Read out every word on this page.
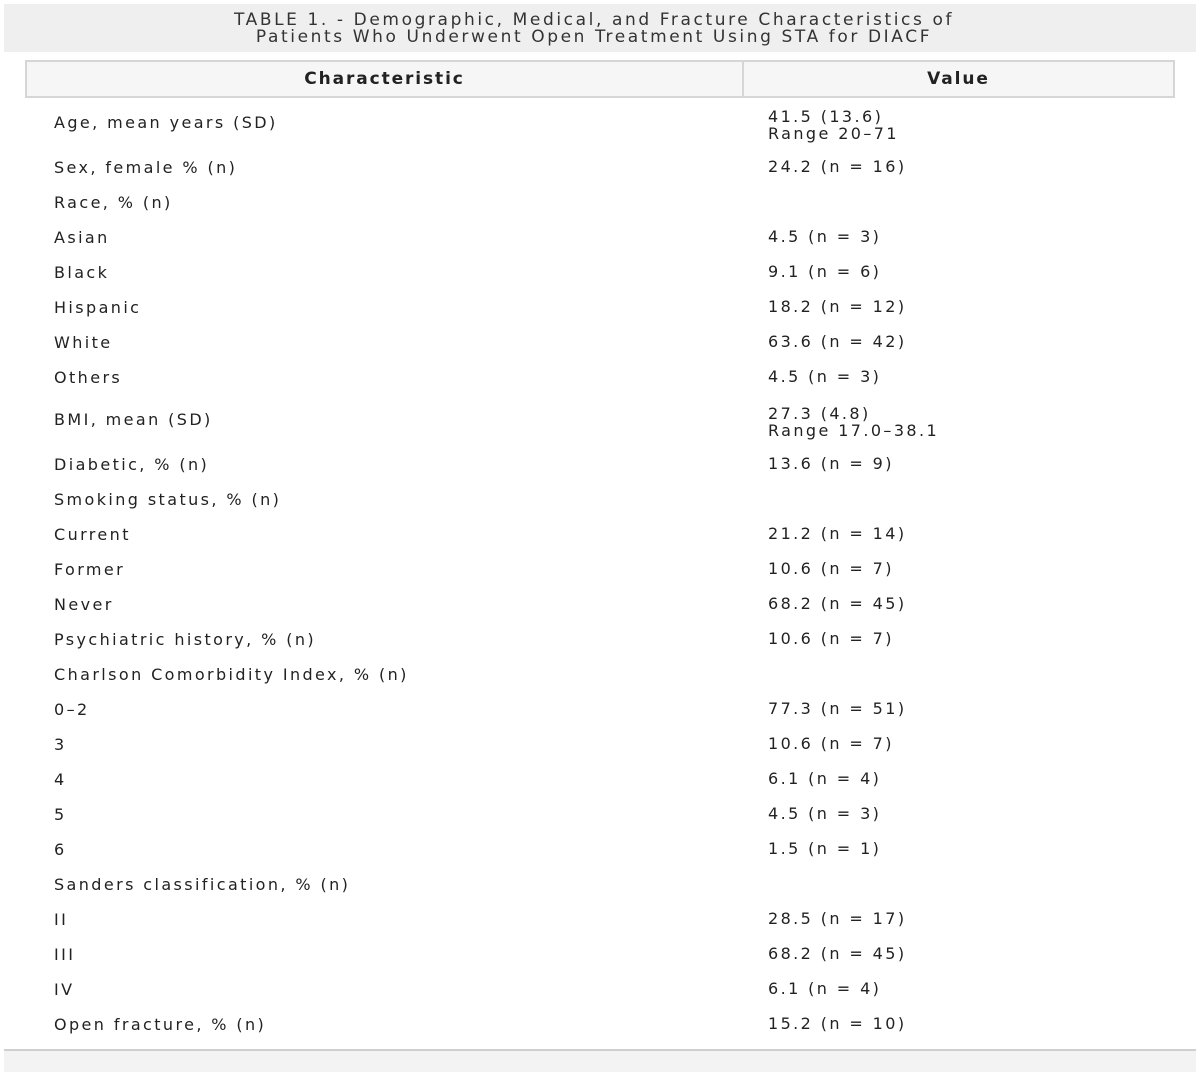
TABLE 1. - Demographic, Medical, and Fracture Characteristics of
Patients Who Underwent Open Treatment Using STA for DIACF
Characteristic	Value
Age, mean years (SD)	41.5 (13.6)
Range 20–71
Sex, female % (n)	24.2 (n = 16)
Race, % (n)
Asian	4.5 (n = 3)
Black	9.1 (n = 6)
Hispanic	18.2 (n = 12)
White	63.6 (n = 42)
Others	4.5 (n = 3)
BMI, mean (SD)	27.3 (4.8)
Range 17.0–38.1
Diabetic, % (n)	13.6 (n = 9)
Smoking status, % (n)
Current	21.2 (n = 14)
Former	10.6 (n = 7)
Never	68.2 (n = 45)
Psychiatric history, % (n)	10.6 (n = 7)
Charlson Comorbidity Index, % (n)
0–2	77.3 (n = 51)
3	10.6 (n = 7)
4	6.1 (n = 4)
5	4.5 (n = 3)
6	1.5 (n = 1)
Sanders classification, % (n)
II	28.5 (n = 17)
III	68.2 (n = 45)
IV	6.1 (n = 4)
Open fracture, % (n)	15.2 (n = 10)
